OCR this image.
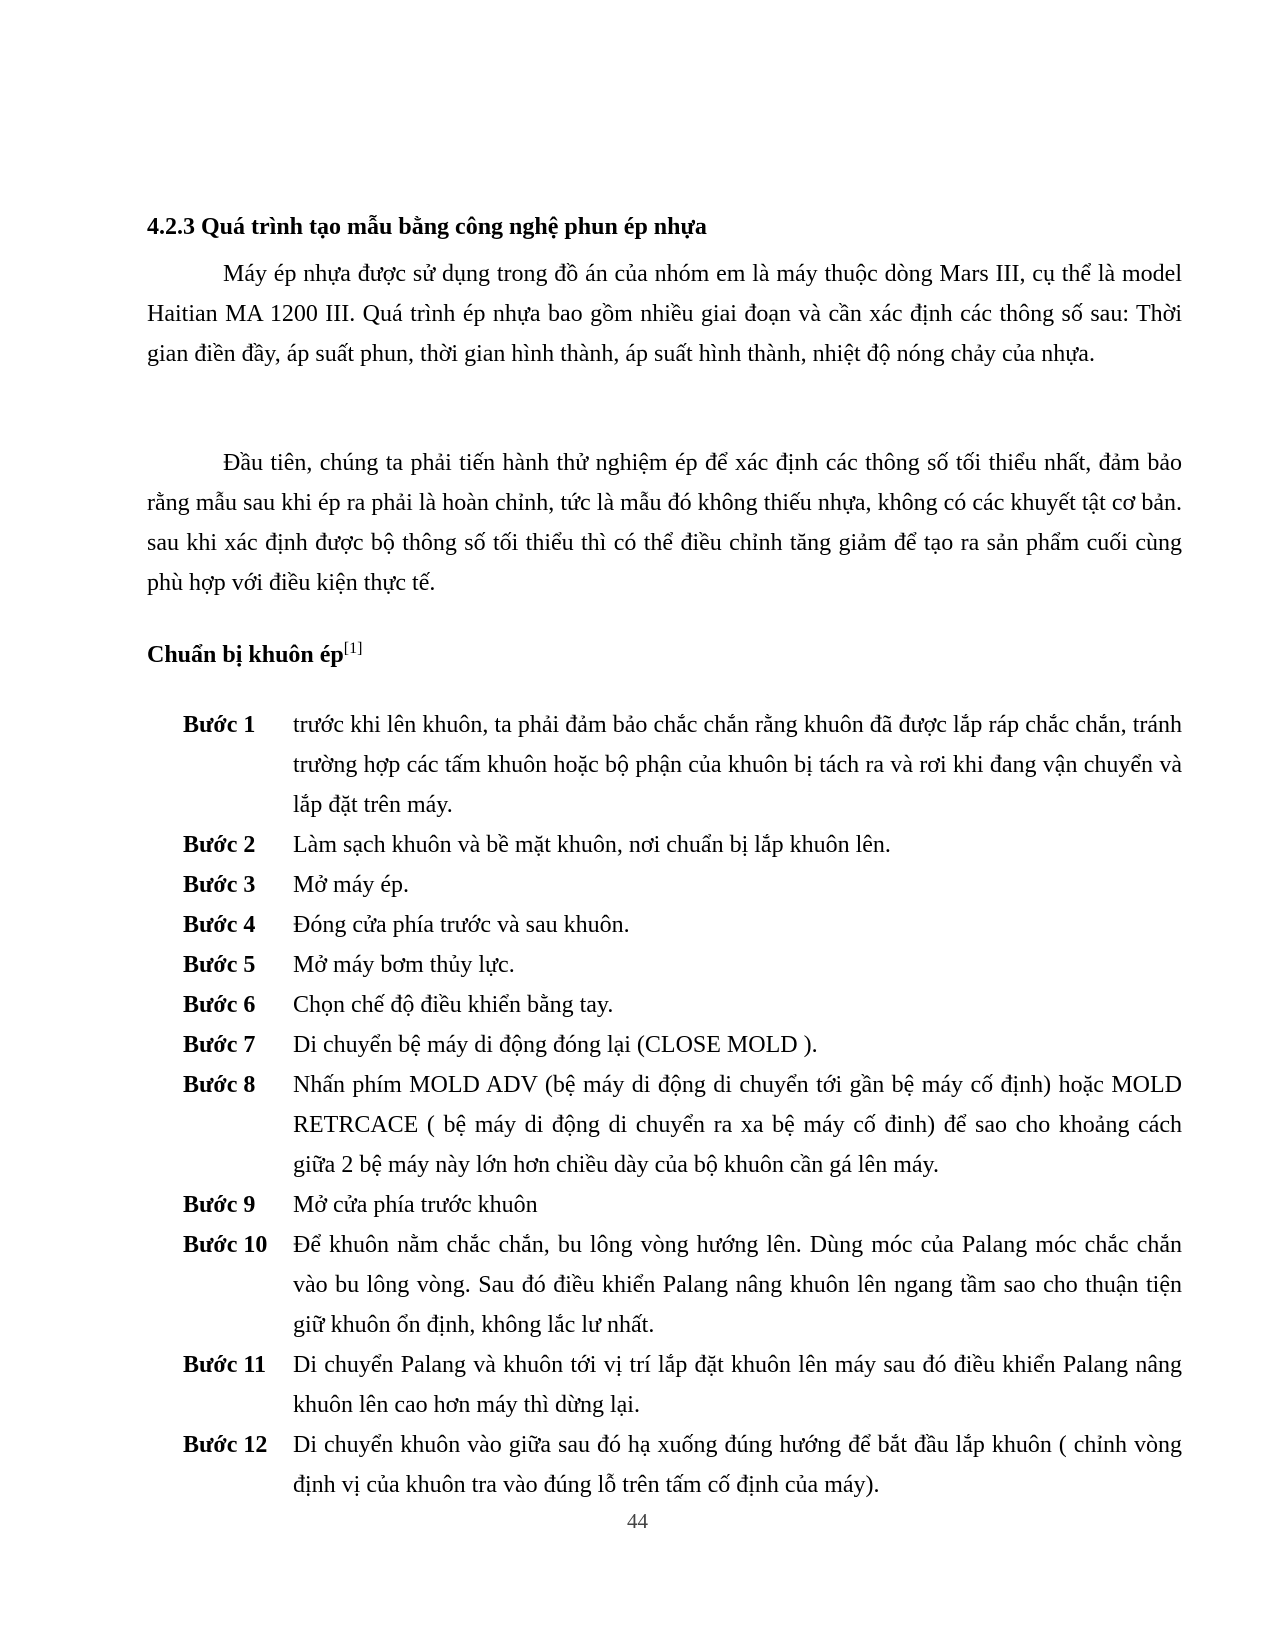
4.2.3 Quá trình tạo mẫu bằng công nghệ phun ép nhựa

Máy ép nhựa được sử dụng trong đồ án của nhóm em là máy thuộc dòng Mars III, cụ thể là model Haitian MA 1200 III. Quá trình ép nhựa bao gồm nhiều giai đoạn và cần xác định các thông số sau: Thời gian điền đầy, áp suất phun, thời gian hình thành, áp suất hình thành, nhiệt độ nóng chảy của nhựa.

Đầu tiên, chúng ta phải tiến hành thử nghiệm ép để xác định các thông số tối thiểu nhất, đảm bảo rằng mẫu sau khi ép ra phải là hoàn chỉnh, tức là mẫu đó không thiếu nhựa, không có các khuyết tật cơ bản. sau khi xác định được bộ thông số tối thiểu thì có thể điều chỉnh tăng giảm để tạo ra sản phẩm cuối cùng phù hợp với điều kiện thực tế.

Chuẩn bị khuôn ép[1]
Bước 1 trước khi lên khuôn, ta phải đảm bảo chắc chắn rằng khuôn đã được lắp ráp chắc chắn, tránh trường hợp các tấm khuôn hoặc bộ phận của khuôn bị tách ra và rơi khi đang vận chuyển và lắp đặt trên máy.
Bước 2 Làm sạch khuôn và bề mặt khuôn, nơi chuẩn bị lắp khuôn lên.
Bước 3 Mở máy ép.
Bước 4 Đóng cửa phía trước và sau khuôn.
Bước 5 Mở máy bơm thủy lực.
Bước 6 Chọn chế độ điều khiển bằng tay.
Bước 7 Di chuyển bệ máy di động đóng lại (CLOSE MOLD ).
Bước 8 Nhấn phím MOLD ADV (bệ máy di động di chuyển tới gần bệ máy cố định) hoặc MOLD RETRCACE ( bệ máy di động di chuyển ra xa bệ máy cố đinh) để sao cho khoảng cách giữa 2 bệ máy này lớn hơn chiều dày của bộ khuôn cần gá lên máy.
Bước 9 Mở cửa phía trước khuôn
Bước 10 Để khuôn nằm chắc chắn, bu lông vòng hướng lên. Dùng móc của Palang móc chắc chắn vào bu lông vòng. Sau đó điều khiển Palang nâng khuôn lên ngang tầm sao cho thuận tiện giữ khuôn ổn định, không lắc lư nhất.
Bước 11 Di chuyển Palang và khuôn tới vị trí lắp đặt khuôn lên máy sau đó điều khiển Palang nâng khuôn lên cao hơn máy thì dừng lại.
Bước 12 Di chuyển khuôn vào giữa sau đó hạ xuống đúng hướng để bắt đầu lắp khuôn ( chỉnh vòng định vị của khuôn tra vào đúng lỗ trên tấm cố định của máy).
44
